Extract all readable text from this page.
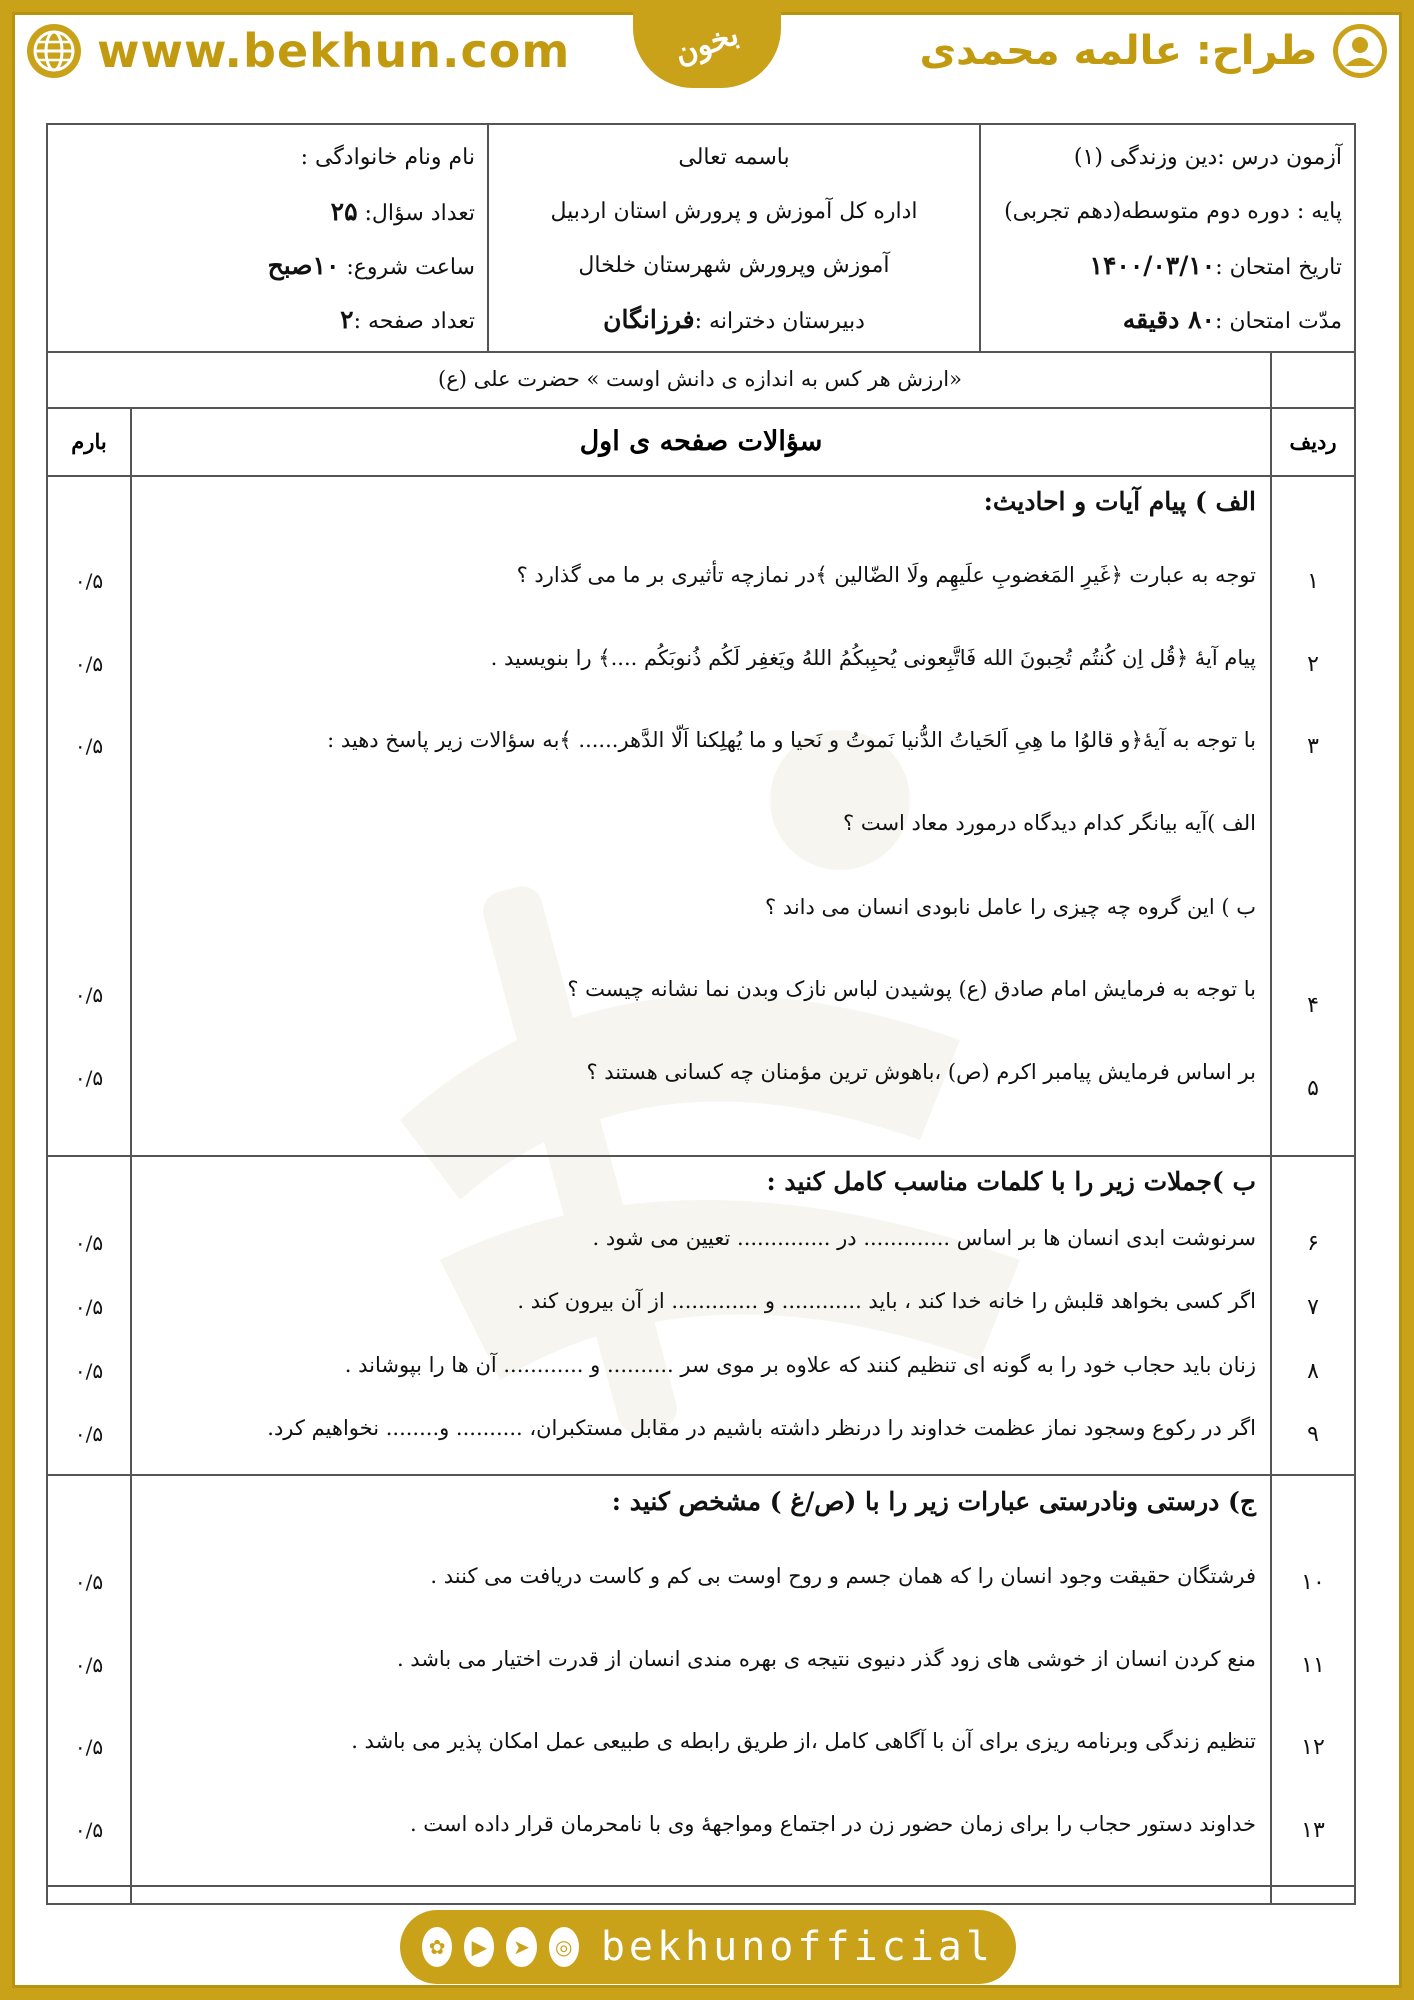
www.bekhun.com	بخون	طراح: عالمه محمدی
آزمون درس :دین وزندگی (۱)
پایه : دوره دوم متوسطه(دهم تجربی)
تاریخ امتحان :۱۴۰۰/۰۳/۱۰
مدّت امتحان :۸۰ دقیقه
باسمه تعالی
اداره کل آموزش و پرورش استان اردبیل
آموزش وپرورش شهرستان خلخال
دبیرستان دخترانه :فرزانگان
نام ونام خانوادگی :
تعداد سؤال: ۲۵
ساعت شروع: ۱۰صبح
تعداد صفحه :۲
«ارزش هر کس به اندازه ی دانش اوست » حضرت علی (ع)
ردیف
سؤالات صفحه ی اول
بارم
الف ) پیام آیات و احادیث:
توجه به عبارت ﴿غَیرِ المَغضوبِ علَیهِم ولَا الضّالین ﴾در نمازچه تأثیری بر ما می گذارد ؟	۱
۰/۵
پیام آیهٔ ﴿قُل اِن کُنتُم تُحِبونَ الله فَاتَّبِعونی یُحبِبکُمُ اللهُ ویَغفِر لَکُم ذُنوبَکُم ....﴾ را بنویسید .	۲
۰/۵
با توجه به آیهٔ﴿و قالوُا ما هِیِ اَلحَیاتُ الدُّنیا نَموتُ و نَحیا و ما یُهلِکنا اَلّا الدَّهر...... ﴾به سؤالات زیر پاسخ دهید :	۳
۰/۵
الف )آیه بیانگر کدام دیدگاه درمورد معاد است ؟
ب ) این گروه چه چیزی را عامل نابودی انسان می داند ؟
با توجه به فرمایش امام صادق (ع) پوشیدن لباس نازک وبدن نما نشانه چیست ؟
۴
۰/۵
بر اساس فرمایش پیامبر اکرم (ص) ،باهوش ترین مؤمنان چه کسانی هستند ؟
۵
۰/۵
ب )جملات زیر را با کلمات مناسب کامل کنید :
سرنوشت ابدی انسان ها بر اساس ............. در .............. تعیین می شود .	۶
۰/۵
اگر کسی بخواهد قلبش را خانه خدا کند ، باید ............ و ............. از آن بیرون کند .	۷
۰/۵
زنان باید حجاب خود را به گونه ای تنظیم کنند که علاوه بر موی سر .......... و ............ آن ها را بپوشاند .	۸
۰/۵
اگر در رکوع وسجود نماز عظمت خداوند را درنظر داشته باشیم در مقابل مستکبران، .......... و........ نخواهیم کرد.	۹
۰/۵
ج) درستی ونادرستی عبارات زیر را با (ص/غ ) مشخص کنید :
فرشتگان حقیقت وجود انسان را که همان جسم و روح اوست بی کم و کاست دریافت می کنند .	۱۰
۰/۵
منع کردن انسان از خوشی های زود گذر دنیوی نتیجه ی بهره مندی انسان از قدرت اختیار می باشد .	۱۱
۰/۵
تنظیم زندگی وبرنامه ریزی برای آن با آگاهی کامل ،از طریق رابطه ی طبیعی عمل امکان پذیر می باشد .	۱۲
۰/۵
خداوند دستور حجاب را برای زمان حضور زن در اجتماع ومواجههٔ وی با نامحرمان قرار داده است .	۱۳
۰/۵
✿	▶	➤	◎ bekhunofficial
